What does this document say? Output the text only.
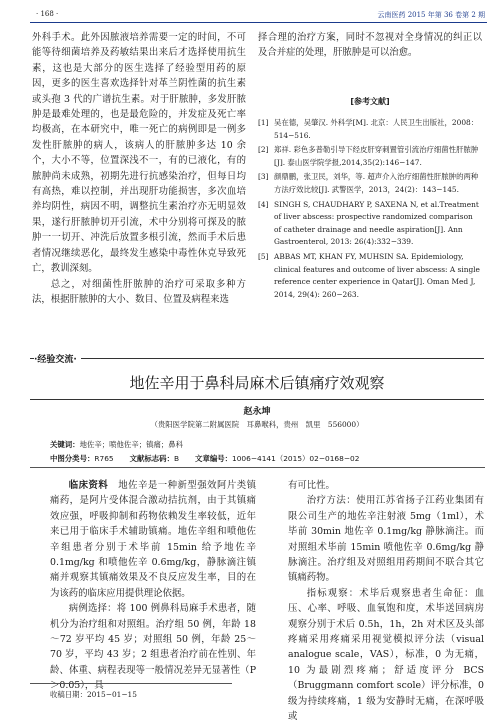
· 168 ·	云南医药 2015 年第 36 卷第 2 期

外科手术。此外因脓液培养需要一定的时间，不可能等待细菌培养及药敏结果出来后才选择使用抗生素，这也是大部分的医生选择了经验型用药的原因，更多的医生喜欢选择针对革兰阴性菌的抗生素或头孢 3 代的广谱抗生素。对于肝脓肿，多发肝脓肿是最难处理的，也是最危险的，并发症及死亡率均极高，在本研究中，唯一死亡的病例即是一例多发性肝脓肿的病人，该病人的肝脓肿多达 10 余个，大小不等，位置深浅不一，有的已液化，有的脓肿尚未成熟，初期先进行抗感染治疗，但每日均有高热，难以控制，并出现肝功能损害，多次血培养均阴性，病因不明，调整抗生素治疗亦无明显效果，遂行肝脓肿切开引流，术中分别将可探及的脓肿一一切开、冲洗后放置多根引流，然而手术后患者情况继续恶化，最终发生感染中毒性休克导致死亡，教训深刻。

总之，对细菌性肝脓肿的治疗可采取多种方法，根据肝脓肿的大小、数目、位置及病程来选

择合理的治疗方案，同时不忽视对全身情况的纠正以及合并症的处理，肝脓肿是可以治愈。

[参考文献]
[1] 吴在德，吴肇汉. 外科学[M]. 北京：人民卫生出版社，2008：514−516.
[2] 郑祥. 彩色多普勒引导下经皮肝穿刺置管引流治疗细菌性肝脓肿[J]. 泰山医学院学报,2014,35(2):146−147.
[3] 颜鼎鹏，张卫民，刘华，等. 超声介入治疗细菌性肝脓肿的两种方法疗效比较[J]. 武警医学，2013，24(2)：143−145.
[4] SINGH S, CHAUDHARY P, SAXENA N, et al.Treatment of liver abscess: prospective randomized comparison of catheter drainage and needle aspiration[J]. Ann Gastroenterol, 2013: 26(4):332−339.
[5] ABBAS MT, KHAN FY, MUHSIN SA. Epidemiology, clinical features and outcome of liver abscess: A single reference center experience in Qatar[J]. Oman Med J, 2014, 29(4): 260−263.
·经验交流·
地佐辛用于鼻科局麻术后镇痛疗效观察
赵永坤
（贵阳医学院第二附属医院　耳鼻喉科，贵州　凯里　556000）
关键词：地佐辛；喷他佐辛；镇痛；鼻科
中图分类号：R765 文献标志码：B 文章编号：1006−4141（2015）02−0168−02

临床资料　地佐辛是一种新型强效阿片类镇痛药，是阿片受体混合激动拮抗剂，由于其镇痛效应强，呼吸抑制和药物依赖发生率较低，近年来已用于临床手术辅助镇痛。地佐辛组和喷他佐辛组患者分别于术毕前 15min 给予地佐辛 0.1mg/kg 和喷他佐辛 0.6mg/kg，静脉滴注镇痛并观察其镇痛效果及不良反应发生率，目的在为该药的临床应用提供理论依据。

病例选择：将 100 例鼻科局麻手术患者，随机分为治疗组和对照组。治疗组 50 例，年龄 18～72 岁平均 45 岁；对照组 50 例，年龄 25～70 岁，平均 43 岁；2 组患者治疗前在性别、年龄、体重、病程表现等一般情况差异无显著性（P＞0.05），具

有可比性。

治疗方法：使用江苏省扬子江药业集团有限公司生产的地佐辛注射液 5mg（1ml），术毕前 30min 地佐辛 0.1mg/kg 静脉滴注。而对照组术毕前 15min 喷他佐辛 0.6mg/kg 静脉滴注。治疗组及对照组用药期间不联合其它镇痛药物。

指标观察：术毕后观察患者生命征：血压、心率、呼吸、血氧饱和度，术毕送回病房观察分别于术后 0.5h，1h，2h 对术区及头部疼痛采用疼痛采用视觉模拟评分法（visual analogue scale，VAS），标准，0 为无痛，10 为最剧烈疼痛；舒适度评分 BCS（Bruggmann comfort scole）评分标准，0 级为持续疼痛，1 级为安静时无痛，在深呼吸或

收稿日期：2015−01−15
